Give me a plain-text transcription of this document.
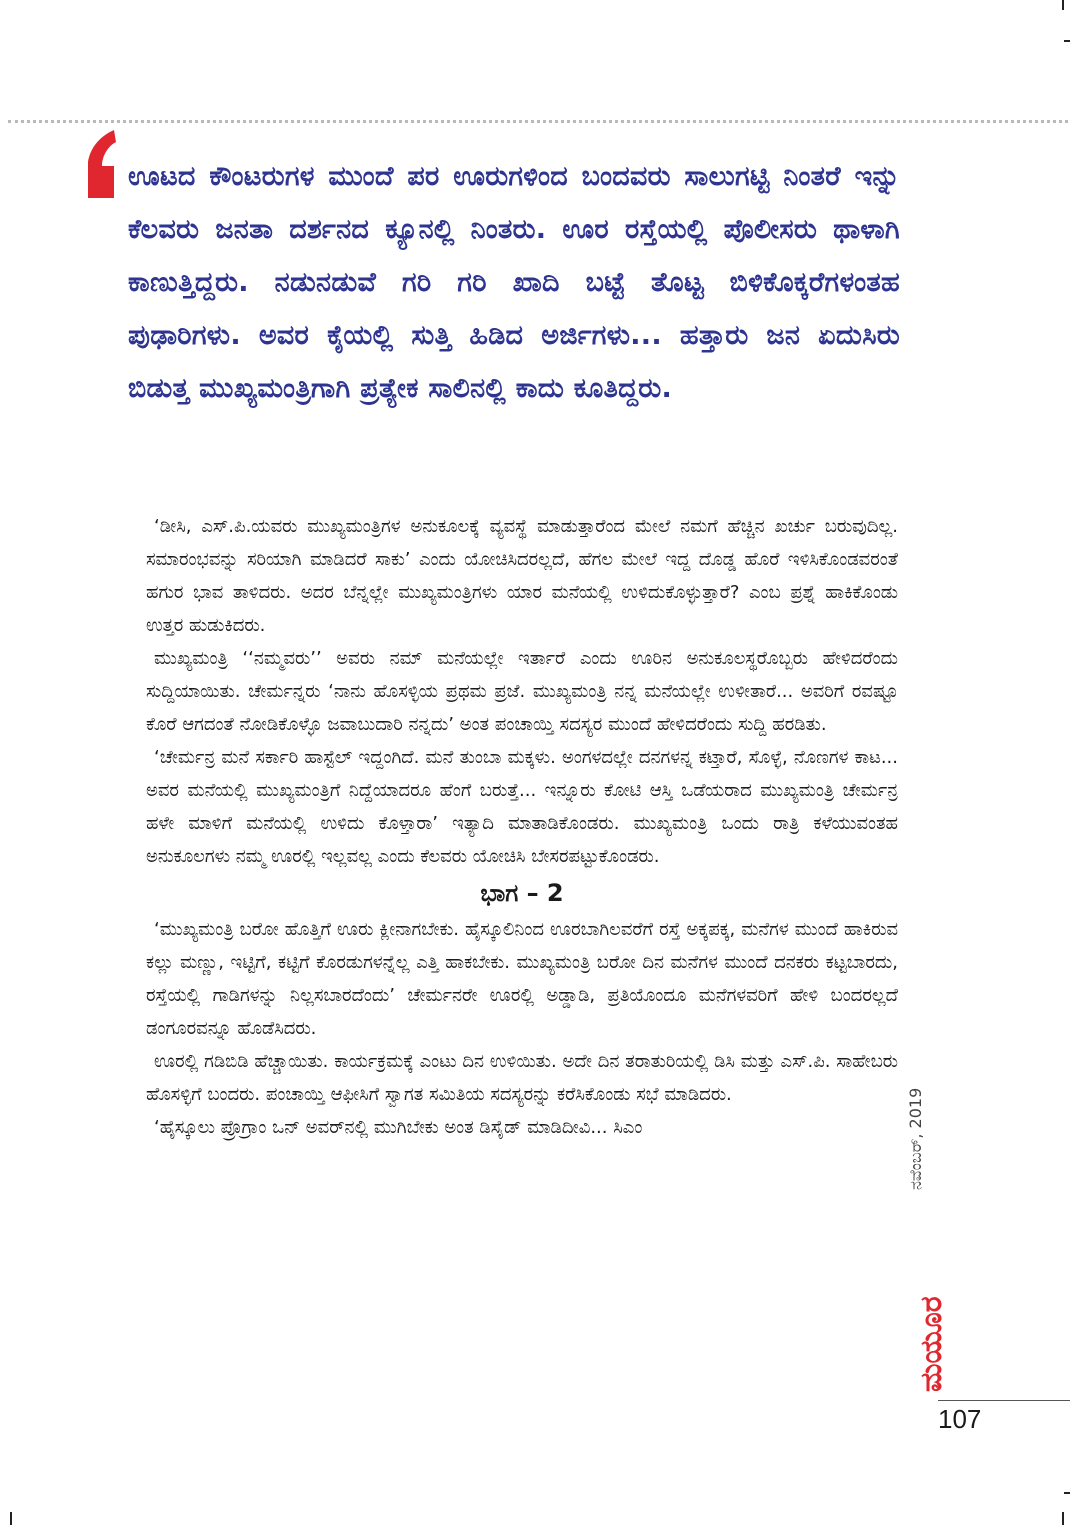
ಊಟದ ಕೌಂಟರುಗಳ ಮುಂದೆ ಪರ ಊರುಗಳಿಂದ ಬಂದವರು ಸಾಲುಗಟ್ಟಿ ನಿಂತರೆ ಇನ್ನು ಕೆಲವರು ಜನತಾ ದರ್ಶನದ ಕ್ಯೂನಲ್ಲಿ ನಿಂತರು. ಊರ ರಸ್ತೆಯಲ್ಲಿ ಪೊಲೀಸರು ಥಾಳಾಗಿ ಕಾಣುತ್ತಿದ್ದರು. ನಡುನಡುವೆ ಗರಿ ಗರಿ ಖಾದಿ ಬಟ್ಟೆ ತೊಟ್ಟ ಬಿಳಿಕೊಕ್ಕರೆಗಳಂತಹ ಪುಢಾರಿಗಳು. ಅವರ ಕೈಯಲ್ಲಿ ಸುತ್ತಿ ಹಿಡಿದ ಅರ್ಜಿಗಳು... ಹತ್ತಾರು ಜನ ಏದುಸಿರು ಬಿಡುತ್ತ ಮುಖ್ಯಮಂತ್ರಿಗಾಗಿ ಪ್ರತ್ಯೇಕ ಸಾಲಿನಲ್ಲಿ ಕಾದು ಕೂತಿದ್ದರು.

‘ಡೀಸಿ, ಎಸ್.ಪಿ.ಯವರು ಮುಖ್ಯಮಂತ್ರಿಗಳ ಅನುಕೂಲಕ್ಕೆ ವ್ಯವಸ್ಥೆ ಮಾಡುತ್ತಾರೆಂದ ಮೇಲೆ ನಮಗೆ ಹೆಚ್ಚಿನ ಖರ್ಚು ಬರುವುದಿಲ್ಲ. ಸಮಾರಂಭವನ್ನು ಸರಿಯಾಗಿ ಮಾಡಿದರೆ ಸಾಕು’ ಎಂದು ಯೋಚಿಸಿದರಲ್ಲದೆ, ಹೆಗಲ ಮೇಲೆ ಇದ್ದ ದೊಡ್ಡ ಹೊರೆ ಇಳಿಸಿಕೊಂಡವರಂತೆ ಹಗುರ ಭಾವ ತಾಳಿದರು. ಅದರ ಬೆನ್ನಲ್ಲೇ ಮುಖ್ಯಮಂತ್ರಿಗಳು ಯಾರ ಮನೆಯಲ್ಲಿ ಉಳಿದುಕೊಳ್ಳುತ್ತಾರೆ? ಎಂಬ ಪ್ರಶ್ನೆ ಹಾಕಿಕೊಂಡು ಉತ್ತರ ಹುಡುಕಿದರು.

ಮುಖ್ಯಮಂತ್ರಿ ‘‘ನಮ್ಮವರು’’ ಅವರು ನಮ್ ಮನೆಯಲ್ಲೇ ಇರ್ತಾರೆ ಎಂದು ಊರಿನ ಅನುಕೂಲಸ್ಥರೊಬ್ಬರು ಹೇಳಿದರೆಂದು ಸುದ್ದಿಯಾಯಿತು. ಚೇರ್ಮನ್ನರು ‘ನಾನು ಹೊಸಳ್ಳಿಯ ಪ್ರಥಮ ಪ್ರಜೆ. ಮುಖ್ಯಮಂತ್ರಿ ನನ್ನ ಮನೆಯಲ್ಲೇ ಉಳೀತಾರೆ... ಅವರಿಗೆ ರವಷ್ಟೂ ಕೊರೆ ಆಗದಂತೆ ನೋಡಿಕೊಳ್ಳೊ ಜವಾಬುದಾರಿ ನನ್ನದು’ ಅಂತ ಪಂಚಾಯ್ತಿ ಸದಸ್ಯರ ಮುಂದೆ ಹೇಳಿದರೆಂದು ಸುದ್ದಿ ಹರಡಿತು.

‘ಚೇರ್ಮನ್ರ ಮನೆ ಸರ್ಕಾರಿ ಹಾಸ್ಟೆಲ್ ಇದ್ದಂಗಿದೆ. ಮನೆ ತುಂಬಾ ಮಕ್ಕಳು. ಅಂಗಳದಲ್ಲೇ ದನಗಳನ್ನ ಕಟ್ತಾರೆ, ಸೊಳ್ಳೆ, ನೊಣಗಳ ಕಾಟ... ಅವರ ಮನೆಯಲ್ಲಿ ಮುಖ್ಯಮಂತ್ರಿಗೆ ನಿದ್ದೆಯಾದರೂ ಹೆಂಗೆ ಬರುತ್ತೆ... ಇನ್ನೂರು ಕೋಟಿ ಆಸ್ತಿ ಒಡೆಯರಾದ ಮುಖ್ಯಮಂತ್ರಿ ಚೇರ್ಮನ್ರ ಹಳೇ ಮಾಳಿಗೆ ಮನೆಯಲ್ಲಿ ಉಳಿದು ಕೊಳ್ತಾರಾ’ ಇತ್ಯಾದಿ ಮಾತಾಡಿಕೊಂಡರು. ಮುಖ್ಯಮಂತ್ರಿ ಒಂದು ರಾತ್ರಿ ಕಳೆಯುವಂತಹ ಅನುಕೂಲಗಳು ನಮ್ಮ ಊರಲ್ಲಿ ಇಲ್ಲವಲ್ಲ ಎಂದು ಕೆಲವರು ಯೋಚಿಸಿ ಬೇಸರಪಟ್ಟುಕೊಂಡರು.

ಭಾಗ – 2

‘ಮುಖ್ಯಮಂತ್ರಿ ಬರೋ ಹೊತ್ತಿಗೆ ಊರು ಕ್ಲೀನಾಗಬೇಕು. ಹೈಸ್ಕೂಲಿನಿಂದ ಊರಬಾಗಿಲವರೆಗೆ ರಸ್ತೆ ಅಕ್ಕಪಕ್ಕ, ಮನೆಗಳ ಮುಂದೆ ಹಾಕಿರುವ ಕಲ್ಲು ಮಣ್ಣು, ಇಟ್ಟಿಗೆ, ಕಟ್ಟಿಗೆ ಕೊರಡುಗಳನ್ನೆಲ್ಲ ಎತ್ತಿ ಹಾಕಬೇಕು. ಮುಖ್ಯಮಂತ್ರಿ ಬರೋ ದಿನ ಮನೆಗಳ ಮುಂದೆ ದನಕರು ಕಟ್ಟಬಾರದು, ರಸ್ತೆಯಲ್ಲಿ ಗಾಡಿಗಳನ್ನು ನಿಲ್ಲಸಬಾರದೆಂದು’ ಚೇರ್ಮನರೇ ಊರಲ್ಲಿ ಅಡ್ಡಾಡಿ, ಪ್ರತಿಯೊಂದೂ ಮನೆಗಳವರಿಗೆ ಹೇಳಿ ಬಂದರಲ್ಲದೆ ಡಂಗೂರವನ್ನೂ ಹೊಡೆಸಿದರು.

ಊರಲ್ಲಿ ಗಡಿಬಿಡಿ ಹೆಚ್ಚಾಯಿತು. ಕಾರ್ಯಕ್ರಮಕ್ಕೆ ಎಂಟು ದಿನ ಉಳಿಯಿತು. ಅದೇ ದಿನ ತರಾತುರಿಯಲ್ಲಿ ಡಿಸಿ ಮತ್ತು ಎಸ್.ಪಿ. ಸಾಹೇಬರು ಹೊಸಳ್ಳಿಗೆ ಬಂದರು. ಪಂಚಾಯ್ತಿ ಆಫೀಸಿಗೆ ಸ್ವಾಗತ ಸಮಿತಿಯ ಸದಸ್ಯರನ್ನು ಕರೆಸಿಕೊಂಡು ಸಭೆ ಮಾಡಿದರು.

‘ಹೈಸ್ಕೂಲು ಪ್ರೊಗ್ರಾಂ ಒನ್ ಅವರ್‌ನಲ್ಲಿ ಮುಗಿಬೇಕು ಅಂತ ಡಿಸೈಡ್ ಮಾಡಿದೀವಿ... ಸಿಎಂ	ನವೆಂಬರ್, 2019
ಮಯೂರ
107
